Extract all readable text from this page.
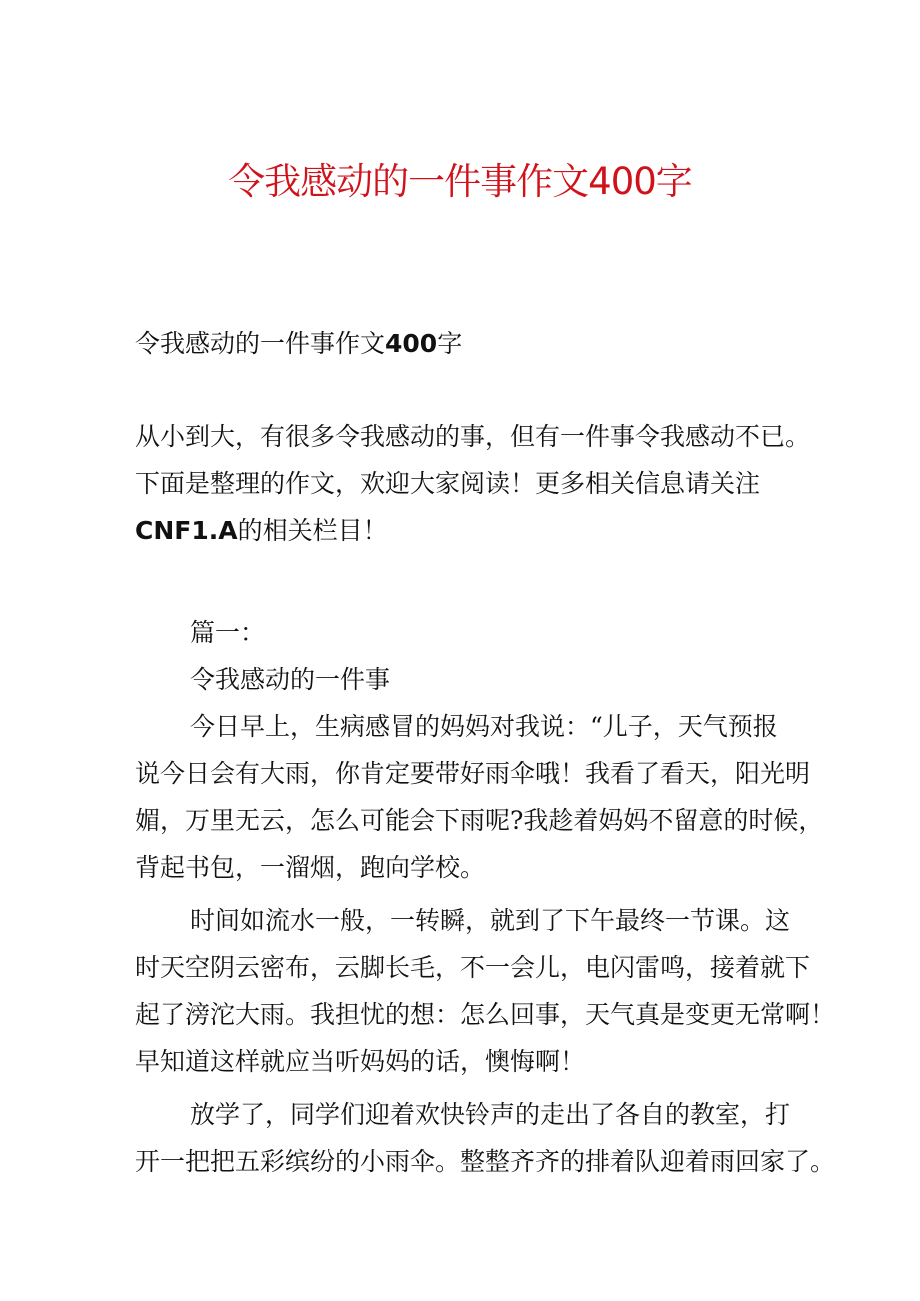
令我感动的一件事作文400字
令我感动的一件事作文400字

从小到大，有很多令我感动的事，但有一件事令我感动不已。

下面是整理的作文，欢迎大家阅读！更多相关信息请关注

CNF1.A的相关栏目！

篇一：

令我感动的一件事

今日早上，生病感冒的妈妈对我说：“儿子，天气预报

说今日会有大雨，你肯定要带好雨伞哦！我看了看天，阳光明

媚，万里无云，怎么可能会下雨呢?我趁着妈妈不留意的时候，

背起书包，一溜烟，跑向学校。

时间如流水一般，一转瞬，就到了下午最终一节课。这

时天空阴云密布，云脚长毛，不一会儿，电闪雷鸣，接着就下

起了滂沱大雨。我担忧的想：怎么回事，天气真是变更无常啊！

早知道这样就应当听妈妈的话，懊悔啊！

放学了，同学们迎着欢快铃声的走出了各自的教室，打

开一把把五彩缤纷的小雨伞。整整齐齐的排着队迎着雨回家了。
